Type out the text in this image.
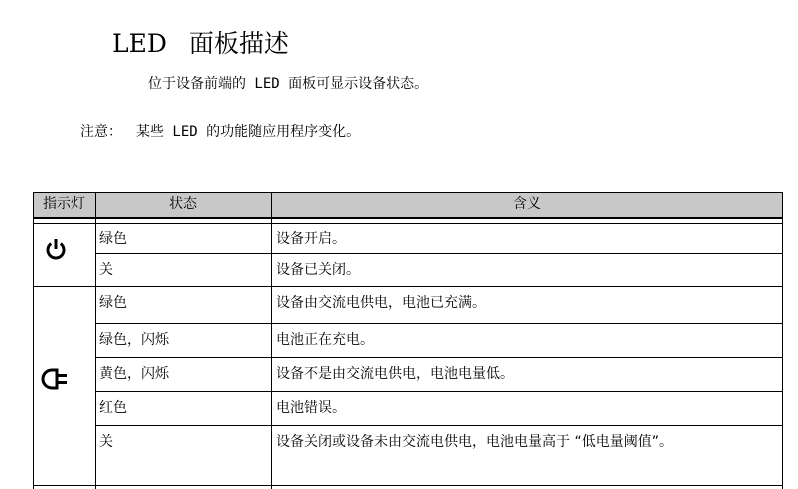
LED 面板描述
位于设备前端的 LED 面板可显示设备状态。
注意： 某些 LED 的功能随应用程序变化。
指示灯	状态	含义
绿色	设备开启。
关	设备已关闭。
绿色	设备由交流电供电，电池已充满。
绿色，闪烁	电池正在充电。
黄色，闪烁	设备不是由交流电供电，电池电量低。
红色	电池错误。
关	设备关闭或设备未由交流电供电，电池电量高于 “低电量阈值”。
